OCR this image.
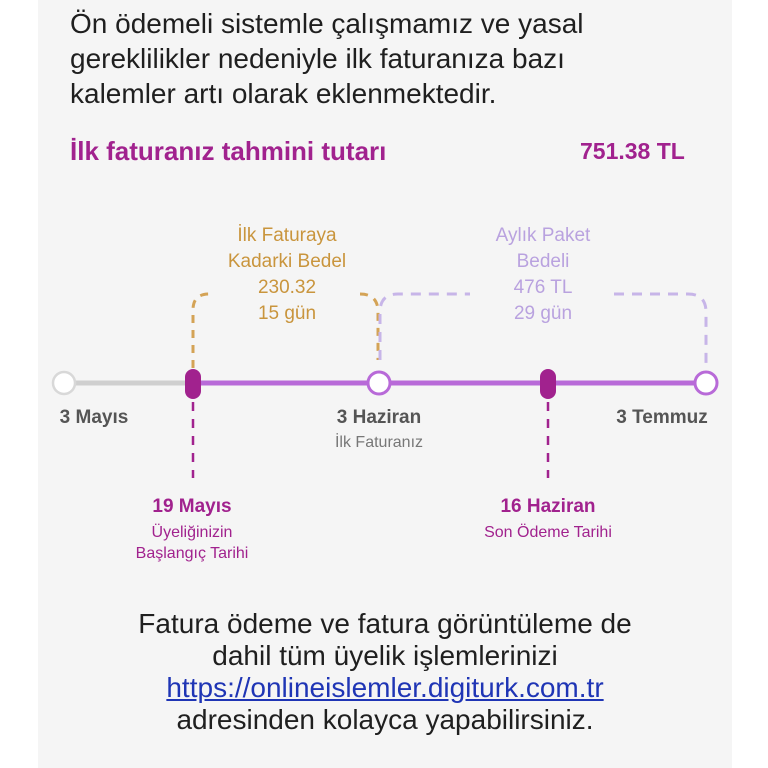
Ön ödemeli sistemle çalışmamız ve yasal
gereklilikler nedeniyle ilk faturanıza bazı
kalemler artı olarak eklenmektedir.

İlk faturanız tahmini tutarı	751.38 TL
İlk Faturaya
Kadarki Bedel
230.32
15 gün
Aylık Paket
Bedeli
476 TL
29 gün
3 Mayıs	3 Haziran
İlk Faturanız
3 Temmuz
19 Mayıs
Üyeliğinizin
Başlangıç Tarihi
16 Haziran
Son Ödeme Tarihi

Fatura ödeme ve fatura görüntüleme de
dahil tüm üyelik işlemlerinizi
https://onlineislemler.digiturk.com.tr
adresinden kolayca yapabilirsiniz.
